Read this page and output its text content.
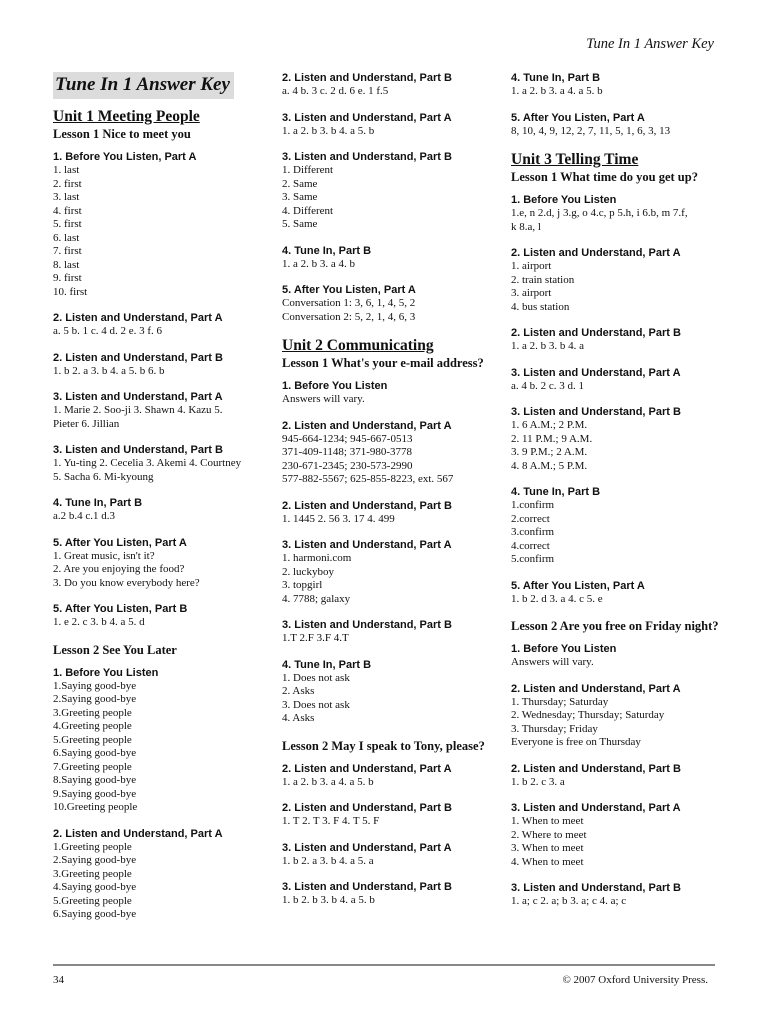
Tune In 1 Answer Key
Tune In 1 Answer Key
Unit 1 Meeting People
Lesson 1 Nice to meet you
1. Before You Listen, Part A
1. last
2. first
3. last
4. first
5. first
6. last
7. first
8. last
9. first
10. first
2. Listen and Understand, Part A
a. 5 b. 1 c. 4 d. 2 e. 3 f. 6
2. Listen and Understand, Part B
1. b 2. a 3. b 4. a 5. b 6. b
3. Listen and Understand, Part A
1. Marie 2. Soo-ji 3. Shawn 4. Kazu 5.
Pieter 6. Jillian
3. Listen and Understand, Part B
1. Yu-ting 2. Cecelia 3. Akemi 4. Courtney
5. Sacha 6. Mi-kyoung
4. Tune In, Part B
a.2 b.4 c.1 d.3
5. After You Listen, Part A
1. Great music, isn't it?
2. Are you enjoying the food?
3. Do you know everybody here?
5. After You Listen, Part B
1. e 2. c 3. b 4. a 5. d
Lesson 2 See You Later
1. Before You Listen
1.Saying good-bye
2.Saying good-bye
3.Greeting people
4.Greeting people
5.Greeting people
6.Saying good-bye
7.Greeting people
8.Saying good-bye
9.Saying good-bye
10.Greeting people
2. Listen and Understand, Part A
1.Greeting people
2.Saying good-bye
3.Greeting people
4.Saying good-bye
5.Greeting people
6.Saying good-bye
2. Listen and Understand, Part B
a. 4 b. 3 c. 2 d. 6 e. 1 f.5
3. Listen and Understand, Part A
1. a 2. b 3. b 4. a 5. b
3. Listen and Understand, Part B
1. Different
2. Same
3. Same
4. Different
5. Same
4. Tune In, Part B
1. a 2. b 3. a 4. b
5. After You Listen, Part A
Conversation 1: 3, 6, 1, 4, 5, 2
Conversation 2: 5, 2, 1, 4, 6, 3
Unit 2 Communicating
Lesson 1 What's your e-mail address?
1. Before You Listen
Answers will vary.
2. Listen and Understand, Part A
945-664-1234; 945-667-0513
371-409-1148; 371-980-3778
230-671-2345; 230-573-2990
577-882-5567; 625-855-8223, ext. 567
2. Listen and Understand, Part B
1. 1445 2. 56 3. 17 4. 499
3. Listen and Understand, Part A
1. harmoni.com
2. luckyboy
3. topgirl
4. 7788; galaxy
3. Listen and Understand, Part B
1.T 2.F 3.F 4.T
4. Tune In, Part B
1. Does not ask
2. Asks
3. Does not ask
4. Asks
Lesson 2 May I speak to Tony, please?
2. Listen and Understand, Part A
1. a 2. b 3. a 4. a 5. b
2. Listen and Understand, Part B
1. T 2. T 3. F 4. T 5. F
3. Listen and Understand, Part A
1. b 2. a 3. b 4. a 5. a
3. Listen and Understand, Part B
1. b 2. b 3. b 4. a 5. b
4. Tune In, Part B
1. a 2. b 3. a 4. a 5. b
5. After You Listen, Part A
8, 10, 4, 9, 12, 2, 7, 11, 5, 1, 6, 3, 13
Unit 3 Telling Time
Lesson 1 What time do you get up?
1. Before You Listen
1.e, n 2.d, j 3.g, o 4.c, p 5.h, i 6.b, m 7.f,
k 8.a, l
2. Listen and Understand, Part A
1. airport
2. train station
3. airport
4. bus station
2. Listen and Understand, Part B
1. a 2. b 3. b 4. a
3. Listen and Understand, Part A
a. 4 b. 2 c. 3 d. 1
3. Listen and Understand, Part B
1. 6 A.M.; 2 P.M.
2. 11 P.M.; 9 A.M.
3. 9 P.M.; 2 A.M.
4. 8 A.M.; 5 P.M.
4. Tune In, Part B
1.confirm
2.correct
3.confirm
4.correct
5.confirm
5. After You Listen, Part A
1. b 2. d 3. a 4. c 5. e
Lesson 2 Are you free on Friday night?
1. Before You Listen
Answers will vary.
2. Listen and Understand, Part A
1. Thursday; Saturday
2. Wednesday; Thursday; Saturday
3. Thursday; Friday
Everyone is free on Thursday
2. Listen and Understand, Part B
1. b 2. c 3. a
3. Listen and Understand, Part A
1. When to meet
2. Where to meet
3. When to meet
4. When to meet
3. Listen and Understand, Part B
1. a; c 2. a; b 3. a; c 4. a; c
34	© 2007 Oxford University Press.
